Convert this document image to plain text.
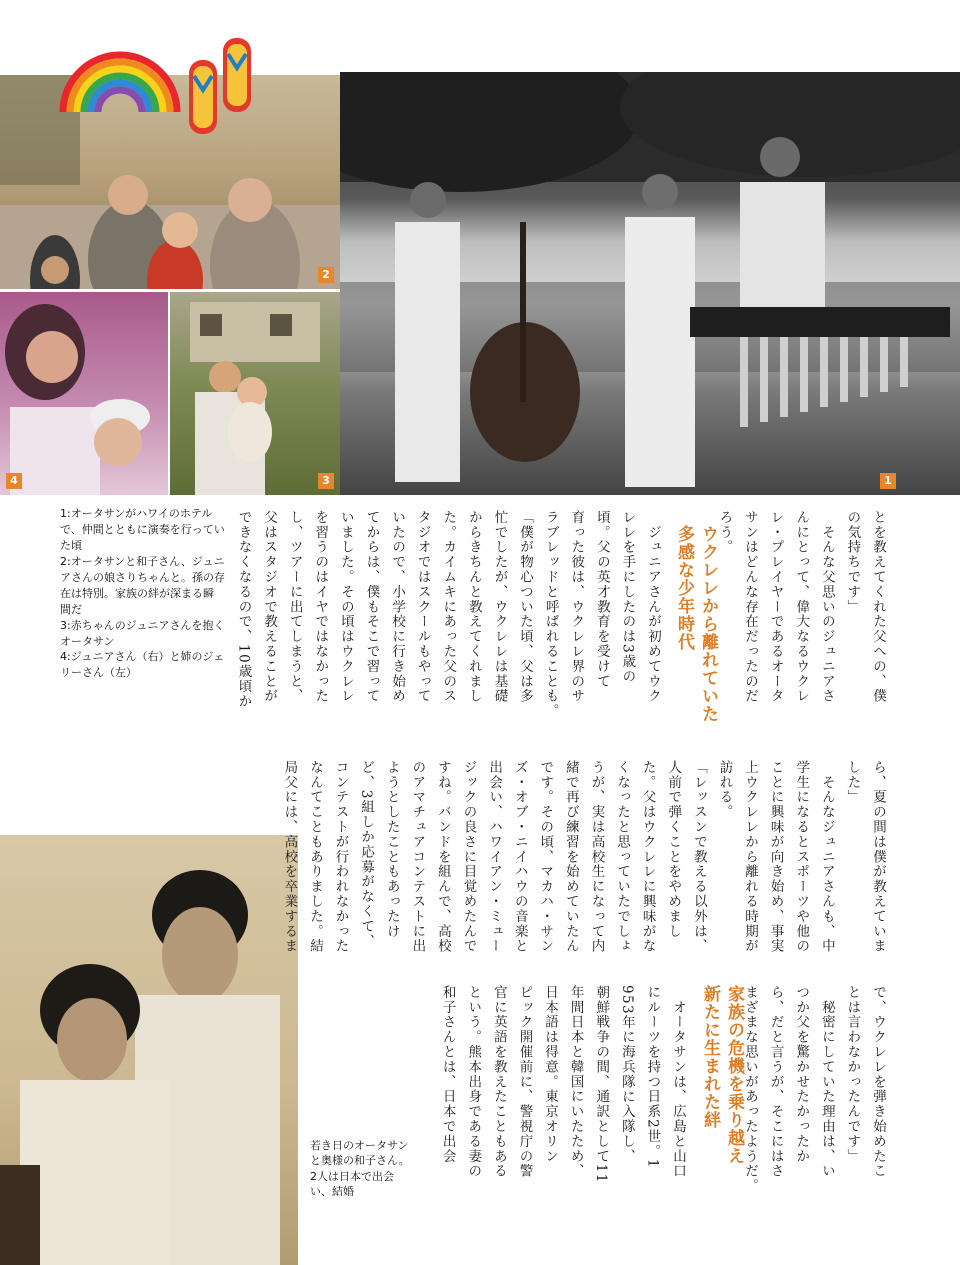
2
4	3	1
1:オータサンがハワイのホテル
で、仲間とともに演奏を行ってい
た頃
2:オータサンと和子さん、ジュニ
アさんの娘さりちゃんと。孫の存
在は特別。家族の絆が深まる瞬
間だ
3:赤ちゃんのジュニアさんを抱く
オータサン
4:ジュニアさん（右）と姉のジェ
リーさん（左）
若き日のオータサン
と奥様の和子さん。
2人は日本で出会
い、結婚
とを教えてくれた父への、僕
の気持ちです」
　そんな父思いのジュニアさ
んにとって、偉大なるウクレ
レ・プレイヤーであるオータ
サンはどんな存在だったのだ
ろう。
ウクレレから離れていた
多感な少年時代
　ジュニアさんが初めてウク
レレを手にしたのは3歳の
頃。父の英才教育を受けて
育った彼は、ウクレレ界のサ
ラブレッドと呼ばれることも。
「僕が物心ついた頃、父は多
忙でしたが、ウクレレは基礎
からきちんと教えてくれまし
た。カイムキにあった父のス
タジオではスクールもやって
いたので、小学校に行き始め
てからは、僕もそこで習って
いました。その頃はウクレレ
を習うのはイヤではなかった
し、ツアーに出てしまうと、
父はスタジオで教えることが
できなくなるので、10歳頃か
ら、夏の間は僕が教えていま
した」
　そんなジュニアさんも、中
学生になるとスポーツや他の
ことに興味が向き始め、事実
上ウクレレから離れる時期が
訪れる。
「レッスンで教える以外は、
人前で弾くことをやめまし
た。父はウクレレに興味がな
くなったと思っていたでしょ
うが、実は高校生になって内
緒で再び練習を始めていたん
です。その頃、マカハ・サン
ズ・オブ・ニイハウの音楽と
出会い、ハワイアン・ミュー
ジックの良さに目覚めたんで
すね。バンドを組んで、高校
のアマチュアコンテストに出
ようとしたこともあったけ
ど、3組しか応募がなくて、
コンテストが行われなかった
なんてこともありました。結
局父には、高校を卒業するま
で、ウクレレを弾き始めたこ
とは言わなかったんです」
　秘密にしていた理由は、い
つか父を驚かせたかったか
ら、だと言うが、そこにはさ
まざまな思いがあったようだ。
家族の危機を乗り越え
新たに生まれた絆
　オータサンは、広島と山口
にルーツを持つ日系2世。1
953年に海兵隊に入隊し、
朝鮮戦争の間、通訳として11
年間日本と韓国にいたため、
日本語は得意。東京オリン
ピック開催前に、警視庁の警
官に英語を教えたこともある
という。熊本出身である妻の
和子さんとは、日本で出会
